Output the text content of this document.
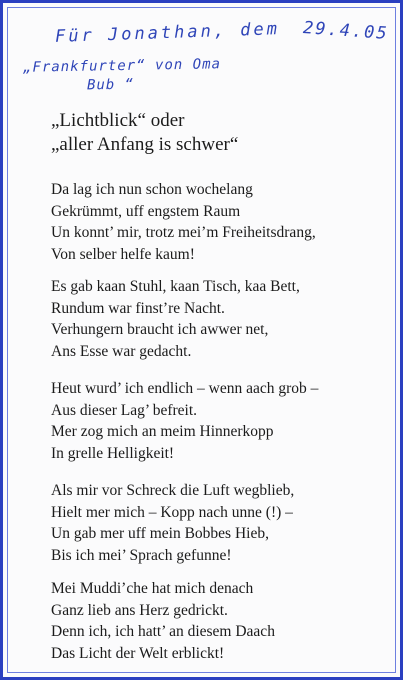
Für Jonathan, dem 29.4.05
„Frankfurter“ von Oma
Bub “
„Lichtblick“ oder
„aller Anfang is schwer“
Da lag ich nun schon wochelang
Gekrümmt, uff engstem Raum
Un konnt’ mir, trotz mei’m Freiheitsdrang,
Von selber helfe kaum!
Es gab kaan Stuhl, kaan Tisch, kaa Bett,
Rundum war finst’re Nacht.
Verhungern braucht ich awwer net,
Ans Esse war gedacht.
Heut wurd’ ich endlich – wenn aach grob –
Aus dieser Lag’ befreit.
Mer zog mich an meim Hinnerkopp
In grelle Helligkeit!
Als mir vor Schreck die Luft wegblieb,
Hielt mer mich – Kopp nach unne (!) –
Un gab mer uff mein Bobbes Hieb,
Bis ich mei’ Sprach gefunne!
Mei Muddi’che hat mich denach
Ganz lieb ans Herz gedrickt.
Denn ich, ich hatt’ an diesem Daach
Das Licht der Welt erblickt!
